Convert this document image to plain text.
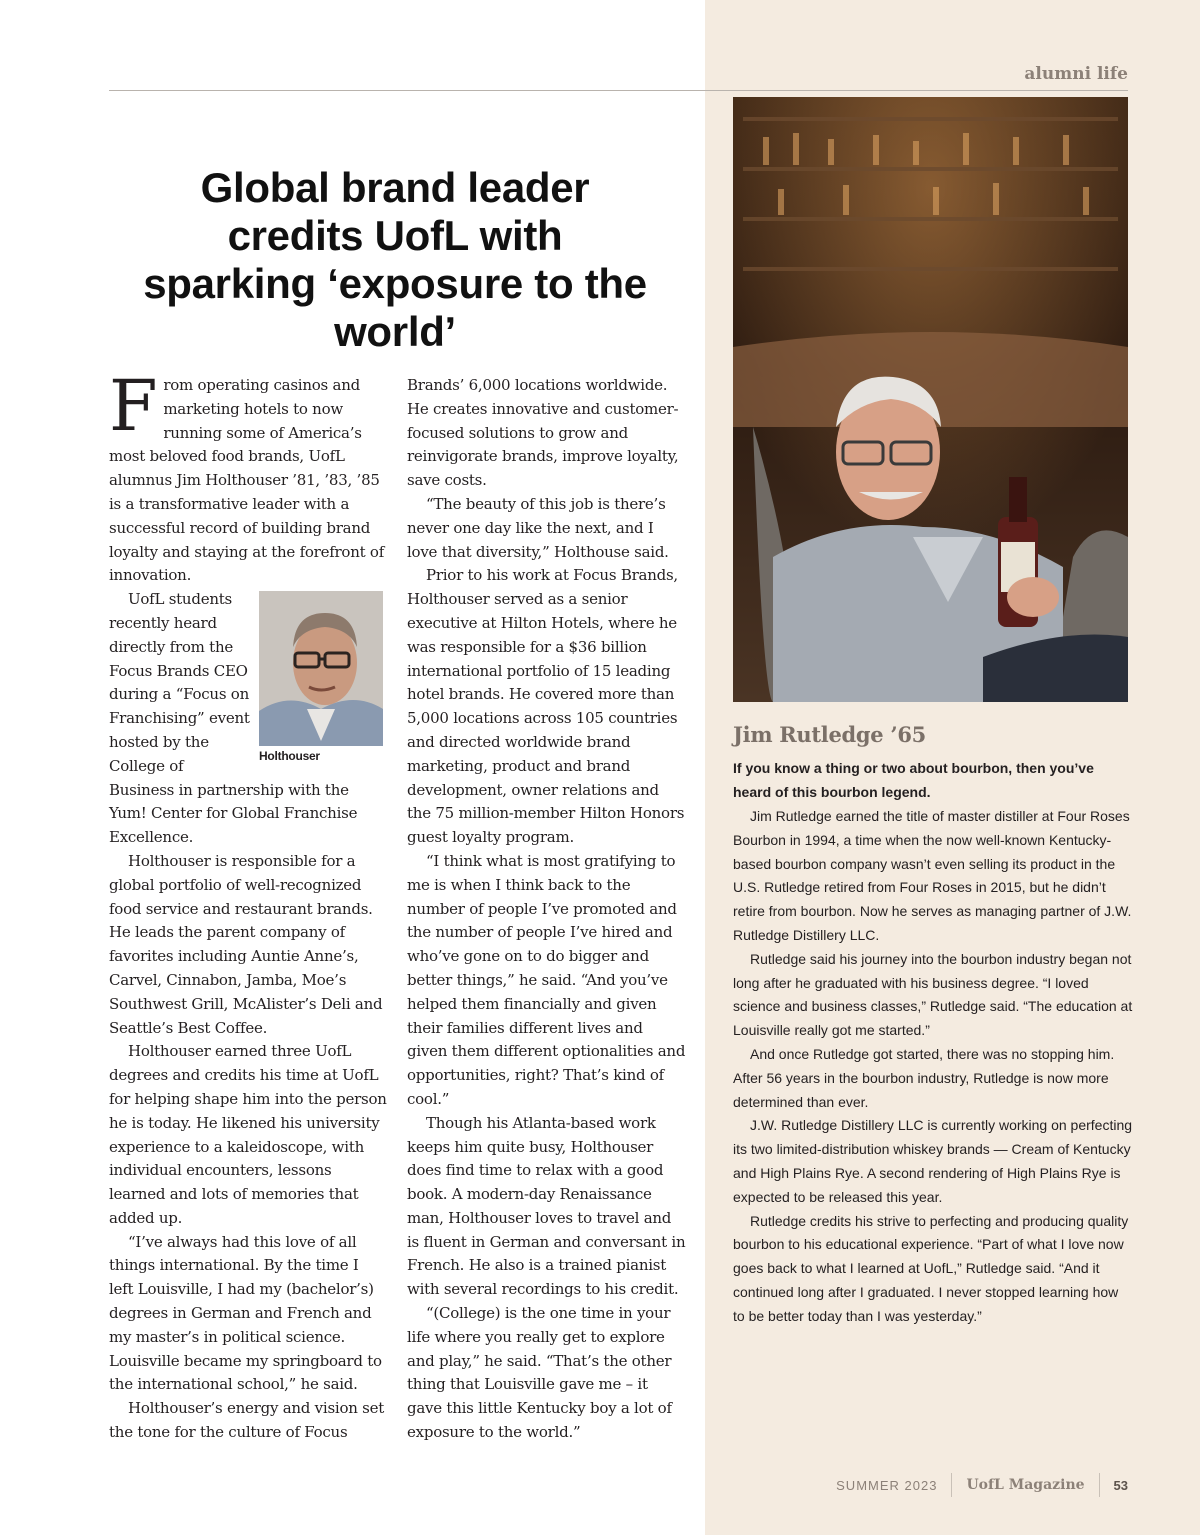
alumni life
Global brand leader credits UofL with sparking ‘exposure to the world’
F rom operating casinos and marketing hotels to now running some of America’s most beloved food brands, UofL alumnus Jim Holthouser ’81, ’83, ’85 is a transformative leader with a successful record of building brand loyalty and staying at the forefront of innovation.

Holthouser

UofL students recently heard directly from the Focus Brands CEO during a “Focus on Franchising” event hosted by the College of Business in partnership with the Yum! Center for Global Franchise Excellence.

Holthouser is responsible for a global portfolio of well-recognized food service and restaurant brands. He leads the parent company of favorites including Auntie Anne’s, Carvel, Cinnabon, Jamba, Moe’s Southwest Grill, McAlister’s Deli and Seattle’s Best Coffee.

Holthouser earned three UofL degrees and credits his time at UofL for helping shape him into the person he is today. He likened his university experience to a kaleidoscope, with individual encounters, lessons learned and lots of memories that added up.

“I’ve always had this love of all things international. By the time I left Louisville, I had my (bachelor’s) degrees in German and French and my master’s in political science. Louisville became my springboard to the international school,” he said.

Holthouser’s energy and vision set the tone for the culture of Focus

Brands’ 6,000 locations worldwide. He creates innovative and customer-focused solutions to grow and reinvigorate brands, improve loyalty, save costs.

“The beauty of this job is there’s never one day like the next, and I love that diversity,” Holthouse said.

Prior to his work at Focus Brands, Holthouser served as a senior executive at Hilton Hotels, where he was responsible for a $36 billion international portfolio of 15 leading hotel brands. He covered more than 5,000 locations across 105 countries and directed worldwide brand marketing, product and brand development, owner relations and the 75 million-member Hilton Honors guest loyalty program.

“I think what is most gratifying to me is when I think back to the number of people I’ve promoted and the number of people I’ve hired and who’ve gone on to do bigger and better things,” he said. “And you’ve helped them financially and given their families different lives and given them different optionalities and opportunities, right? That’s kind of cool.”

Though his Atlanta-based work keeps him quite busy, Holthouser does find time to relax with a good book. A modern-day Renaissance man, Holthouser loves to travel and is fluent in German and conversant in French. He also is a trained pianist with several recordings to his credit.

“(College) is the one time in your life where you really get to explore and play,” he said. “That’s the other thing that Louisville gave me – it gave this little Kentucky boy a lot of exposure to the world.”

Jim Rutledge ’65

If you know a thing or two about bourbon, then you’ve heard of this bourbon legend.

Jim Rutledge earned the title of master distiller at Four Roses Bourbon in 1994, a time when the now well-known Kentucky-based bourbon company wasn’t even selling its product in the U.S. Rutledge retired from Four Roses in 2015, but he didn’t retire from bourbon. Now he serves as managing partner of J.W. Rutledge Distillery LLC.

Rutledge said his journey into the bourbon industry began not long after he graduated with his business degree. “I loved science and business classes,” Rutledge said. “The education at Louisville really got me started.”

And once Rutledge got started, there was no stopping him. After 56 years in the bourbon industry, Rutledge is now more determined than ever.

J.W. Rutledge Distillery LLC is currently working on perfecting its two limited-distribution whiskey brands — Cream of Kentucky and High Plains Rye. A second rendering of High Plains Rye is expected to be released this year.

Rutledge credits his strive to perfecting and producing quality bourbon to his educational experience. “Part of what I love now goes back to what I learned at UofL,” Rutledge said. “And it continued long after I graduated. I never stopped learning how to be better today than I was yesterday.”

SUMMER 2023 UofL Magazine 53
